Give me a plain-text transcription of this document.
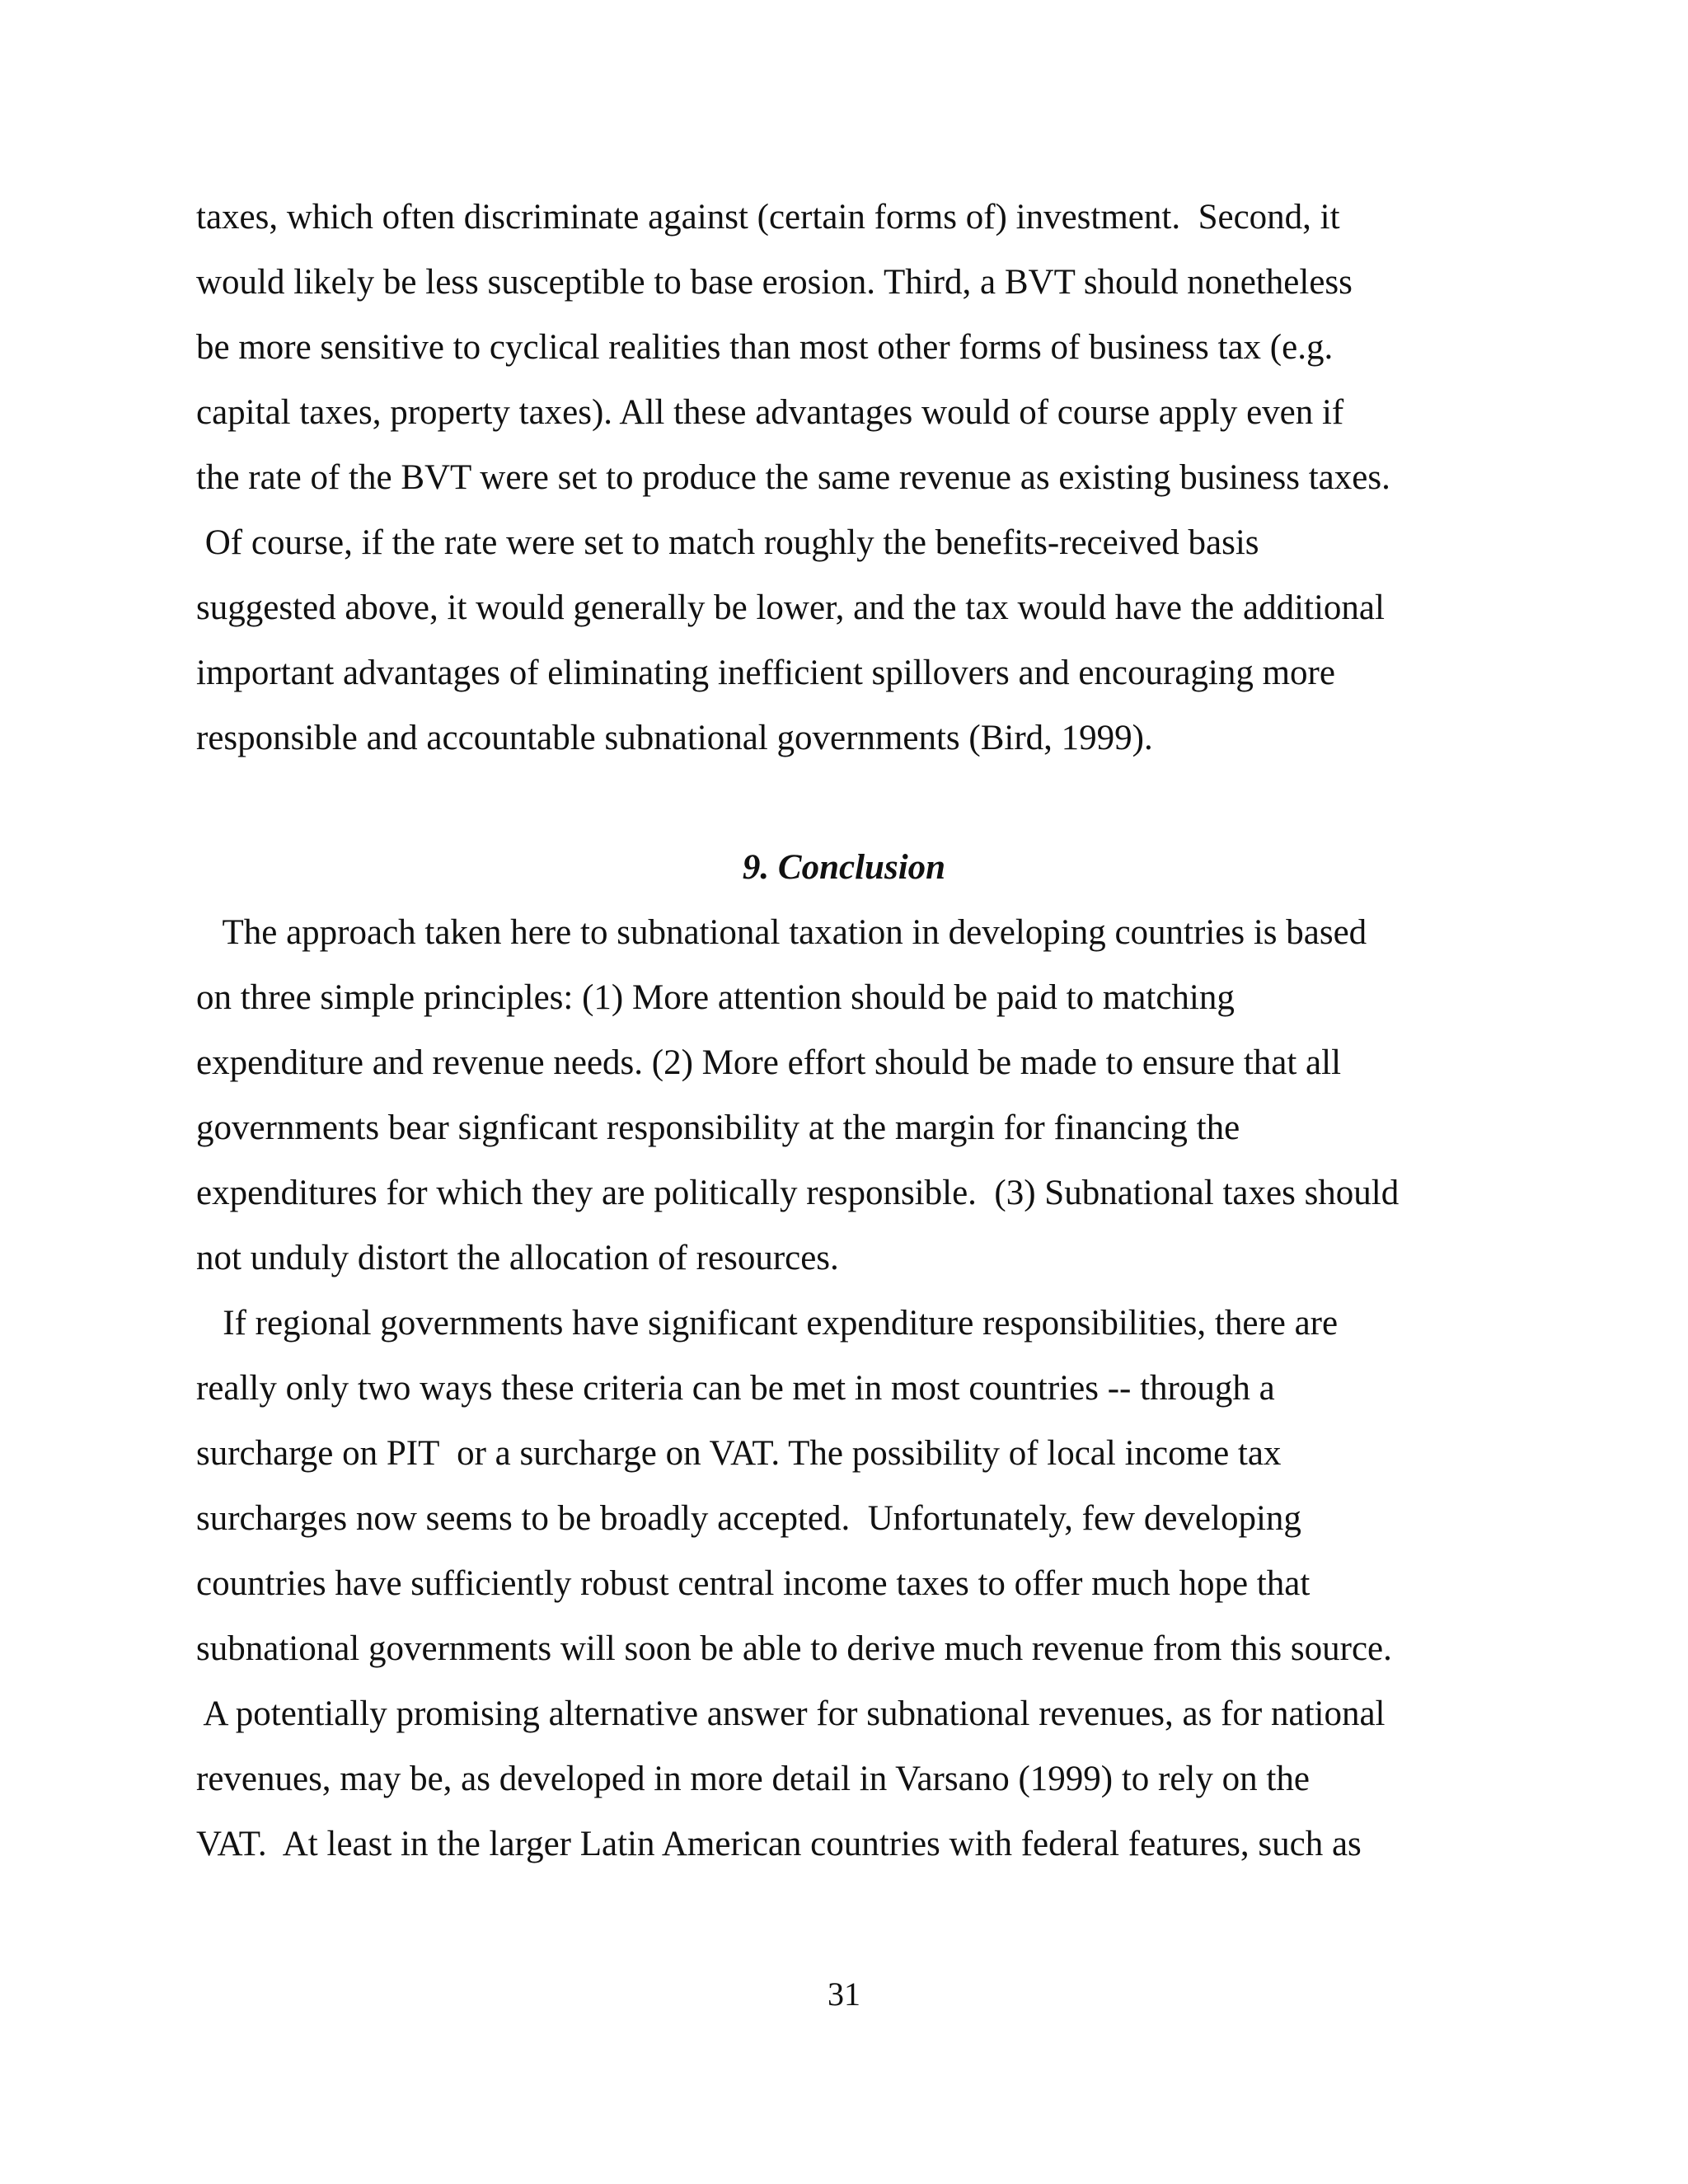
taxes, which often discriminate against (certain forms of) investment.  Second, it
would likely be less susceptible to base erosion. Third, a BVT should nonetheless
be more sensitive to cyclical realities than most other forms of business tax (e.g.
capital taxes, property taxes). All these advantages would of course apply even if
the rate of the BVT were set to produce the same revenue as existing business taxes.
Of course, if the rate were set to match roughly the benefits-received basis
suggested above, it would generally be lower, and the tax would have the additional
important advantages of eliminating inefficient spillovers and encouraging more
responsible and accountable subnational governments (Bird, 1999).
9. Conclusion
The approach taken here to subnational taxation in developing countries is based
on three simple principles: (1) More attention should be paid to matching
expenditure and revenue needs. (2) More effort should be made to ensure that all
governments bear signficant responsibility at the margin for financing the
expenditures for which they are politically responsible.  (3) Subnational taxes should
not unduly distort the allocation of resources.
If regional governments have significant expenditure responsibilities, there are
really only two ways these criteria can be met in most countries -- through a
surcharge on PIT  or a surcharge on VAT. The possibility of local income tax
surcharges now seems to be broadly accepted.  Unfortunately, few developing
countries have sufficiently robust central income taxes to offer much hope that
subnational governments will soon be able to derive much revenue from this source.
A potentially promising alternative answer for subnational revenues, as for national
revenues, may be, as developed in more detail in Varsano (1999) to rely on the
VAT.  At least in the larger Latin American countries with federal features, such as
31
